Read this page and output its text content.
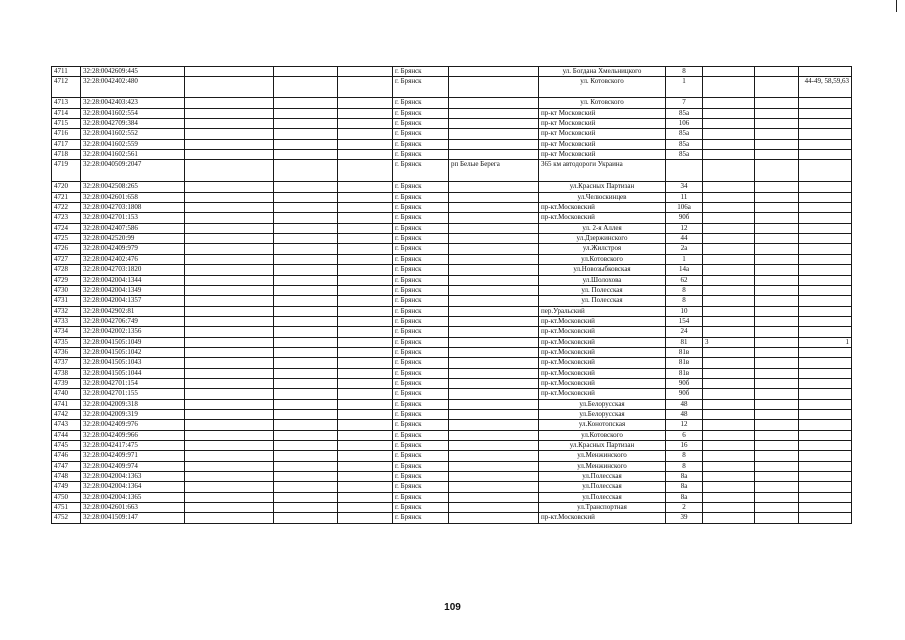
4711	32:28:0042609:445				г. Брянск		ул. Богдана Хмельницкого	8			
4712	32:28:0042402:480				г. Брянск		ул. Котовского	1			44-49, 58,59,63
4713	32:28:0042403:423				г. Брянск		ул. Котовского	7			
4714	32:28:0041602:554				г. Брянск		пр-кт Московский	85а			
4715	32:28:0042709:384				г. Брянск		пр-кт Московский	106			
4716	32:28:0041602:552				г. Брянск		пр-кт Московский	85а			
4717	32:28:0041602:559				г. Брянск		пр-кт Московский	85а			
4718	32:28:0041602:561				г. Брянск		пр-кт Московский	85а			
4719	32:28:0040509:2047				г. Брянск	рп Белые Берега	365 км автодороги Украина				
4720	32:28:0042508:265				г. Брянск		ул.Красных Партизан	34			
4721	32:28:0042601:658				г. Брянск		ул.Челюскинцев	11			
4722	32:28:0042703:1808				г. Брянск		пр-кт.Московский	106а			
4723	32:28:0042701:153				г. Брянск		пр-кт.Московский	90б			
4724	32:28:0042407:586				г. Брянск		ул. 2-я Аллея	12			
4725	32:28:0042520:99				г. Брянск		ул.Дзержинского	44			
4726	32:28:0042409:979				г. Брянск		ул.Жилстроя	2а			
4727	32:28:0042402:476				г. Брянск		ул.Котовского	1			
4728	32:28:0042703:1820				г. Брянск		ул.Новозыбковская	14а			
4729	32:28:0042004:1344				г. Брянск		ул.Шолохова	62			
4730	32:28:0042004:1349				г. Брянск		ул. Полесская	8			
4731	32:28:0042004:1357				г. Брянск		ул. Полесская	8			
4732	32:28:0042902:81				г. Брянск		пер.Уральский	10			
4733	32:28:0042706:749				г. Брянск		пр-кт.Московский	154			
4734	32:28:0042002:1356				г. Брянск		пр-кт.Московский	24			
4735	32:28:0041505:1049				г. Брянск		пр-кт.Московский	81	3		1
4736	32:28:0041505:1042				г. Брянск		пр-кт.Московский	81в			
4737	32:28:0041505:1043				г. Брянск		пр-кт.Московский	81в			
4738	32:28:0041505:1044				г. Брянск		пр-кт.Московский	81в			
4739	32:28:0042701:154				г. Брянск		пр-кт.Московский	90б			
4740	32:28:0042701:155				г. Брянск		пр-кт.Московский	90б			
4741	32:28:0042009:318				г. Брянск		ул.Белорусская	48			
4742	32:28:0042009:319				г. Брянск		ул.Белорусская	48			
4743	32:28:0042409:976				г. Брянск		ул.Конотопская	12			
4744	32:28:0042409:966				г. Брянск		ул.Котовского	6			
4745	32:28:0042417:475				г. Брянск		ул.Красных Партизан	16			
4746	32:28:0042409:971				г. Брянск		ул.Менжинского	8			
4747	32:28:0042409:974				г. Брянск		ул.Менжинского	8			
4748	32:28:0042004:1363				г. Брянск		ул.Полесская	8а			
4749	32:28:0042004:1364				г. Брянск		ул.Полесская	8а			
4750	32:28:0042004:1365				г. Брянск		ул.Полесская	8а			
4751	32:28:0042601:663				г. Брянск		ул.Транспортная	2			
4752	32:28:0041509:147				г. Брянск		пр-кт.Московский	39			
109
